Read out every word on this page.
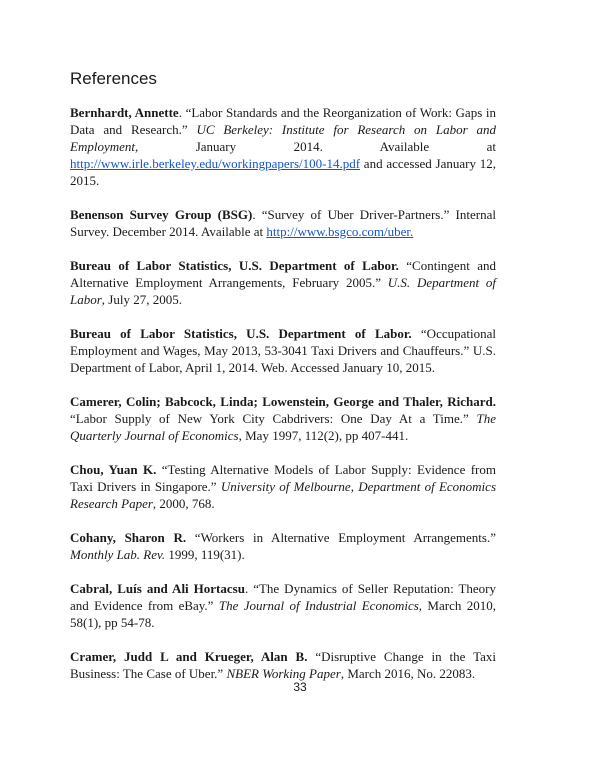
References

Bernhardt, Annette. “Labor Standards and the Reorganization of Work: Gaps in Data and Research.” UC Berkeley: Institute for Research on Labor and Employment, January 2014. Available at http://www.irle.berkeley.edu/workingpapers/100-14.pdf and accessed January 12, 2015.

Benenson Survey Group (BSG). “Survey of Uber Driver-Partners.” Internal Survey. December 2014. Available at http://www.bsgco.com/uber.

Bureau of Labor Statistics, U.S. Department of Labor. “Contingent and Alternative Employment Arrangements, February 2005.” U.S. Department of Labor, July 27, 2005.

Bureau of Labor Statistics, U.S. Department of Labor. “Occupational Employment and Wages, May 2013, 53-3041 Taxi Drivers and Chauffeurs.” U.S. Department of Labor, April 1, 2014. Web. Accessed January 10, 2015.

Camerer, Colin; Babcock, Linda; Lowenstein, George and Thaler, Richard. “Labor Supply of New York City Cabdrivers: One Day At a Time.” The Quarterly Journal of Economics, May 1997, 112(2), pp 407-441.

Chou, Yuan K. “Testing Alternative Models of Labor Supply: Evidence from Taxi Drivers in Singapore.” University of Melbourne, Department of Economics Research Paper, 2000, 768.

Cohany, Sharon R. “Workers in Alternative Employment Arrangements.” Monthly Lab. Rev. 1999, 119(31).

Cabral, Luís and Ali Hortacsu. “The Dynamics of Seller Reputation: Theory and Evidence from eBay.” The Journal of Industrial Economics, March 2010, 58(1), pp 54-78.

Cramer, Judd L and Krueger, Alan B. “Disruptive Change in the Taxi Business: The Case of Uber.” NBER Working Paper, March 2016, No. 22083.

33
